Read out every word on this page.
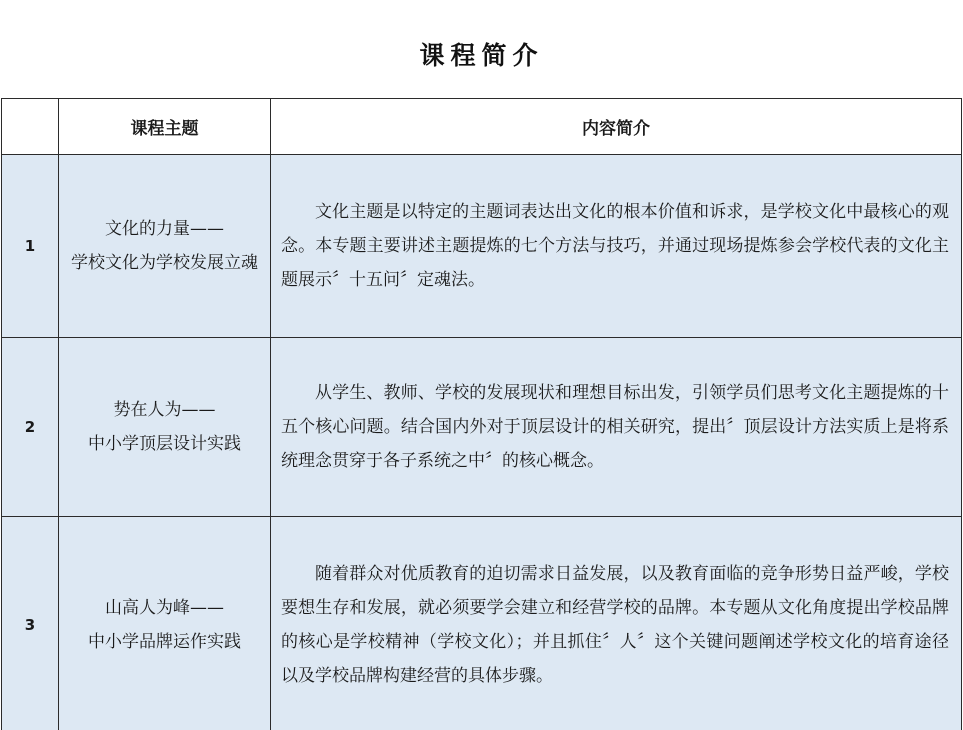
课程简介
	课程主题	内容简介
1	文化的力量——
学校文化为学校发展立魂	文化主题是以特定的主题词表达出文化的根本价值和诉求，是学校文化中最核心的观念。本专题主要讲述主题提炼的七个方法与技巧，并通过现场提炼参会学校代表的文化主题展示〞十五问〞定魂法。

2	势在人为——
中小学顶层设计实践	从学生、教师、学校的发展现状和理想目标出发，引领学员们思考文化主题提炼的十五个核心问题。结合国内外对于顶层设计的相关研究，提出〞顶层设计方法实质上是将系统理念贯穿于各子系统之中〞的核心概念。

3	山高人为峰——
中小学品牌运作实践	随着群众对优质教育的迫切需求日益发展，以及教育面临的竞争形势日益严峻，学校要想生存和发展，就必须要学会建立和经营学校的品牌。本专题从文化角度提出学校品牌的核心是学校精神（学校文化）；并且抓住〞人〞这个关键问题阐述学校文化的培育途径以及学校品牌构建经营的具体步骤。
